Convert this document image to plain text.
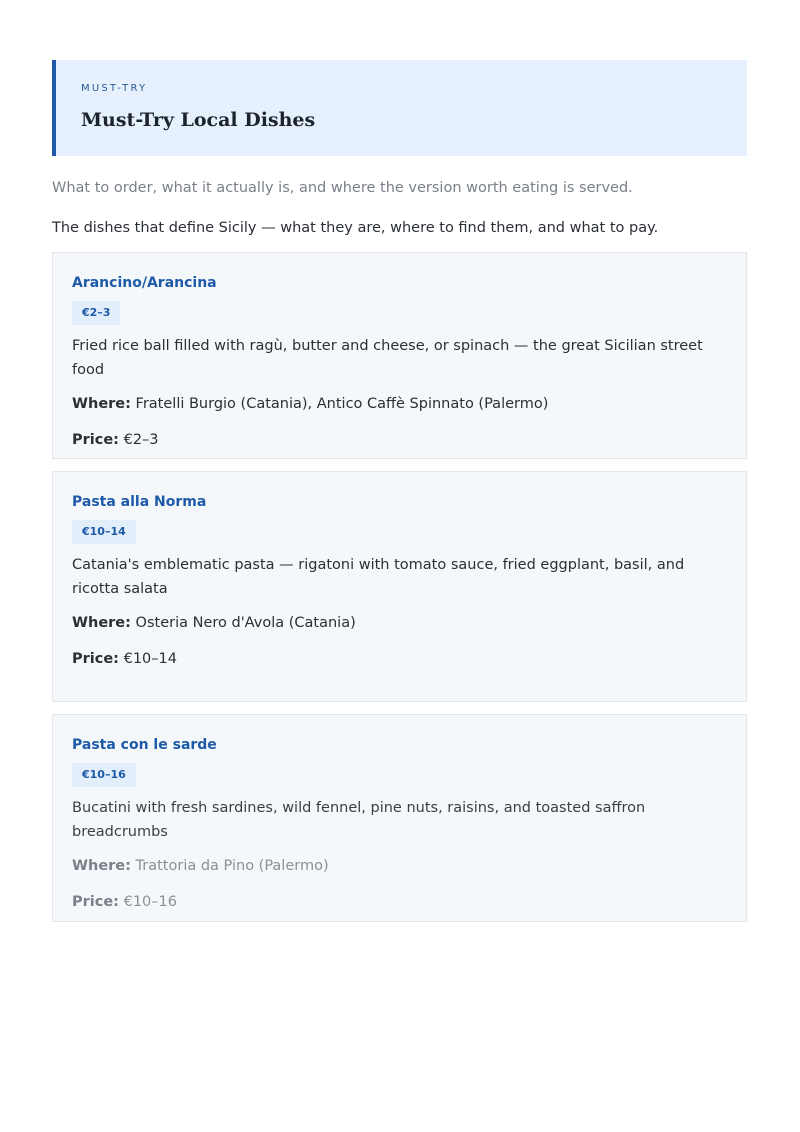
MUST-TRY
Must-Try Local Dishes
What to order, what it actually is, and where the version worth eating is served.
The dishes that define Sicily — what they are, where to find them, and what to pay.
Arancino/Arancina
€2–3
Fried rice ball filled with ragù, butter and cheese, or spinach — the great Sicilian street food
Where: Fratelli Burgio (Catania), Antico Caffè Spinnato (Palermo)
Price: €2–3
Pasta alla Norma
€10–14
Catania's emblematic pasta — rigatoni with tomato sauce, fried eggplant, basil, and ricotta salata
Where: Osteria Nero d'Avola (Catania)
Price: €10–14
Pasta con le sarde
€10–16
Bucatini with fresh sardines, wild fennel, pine nuts, raisins, and toasted saffron breadcrumbs
Where: Trattoria da Pino (Palermo)
Price: €10–16
